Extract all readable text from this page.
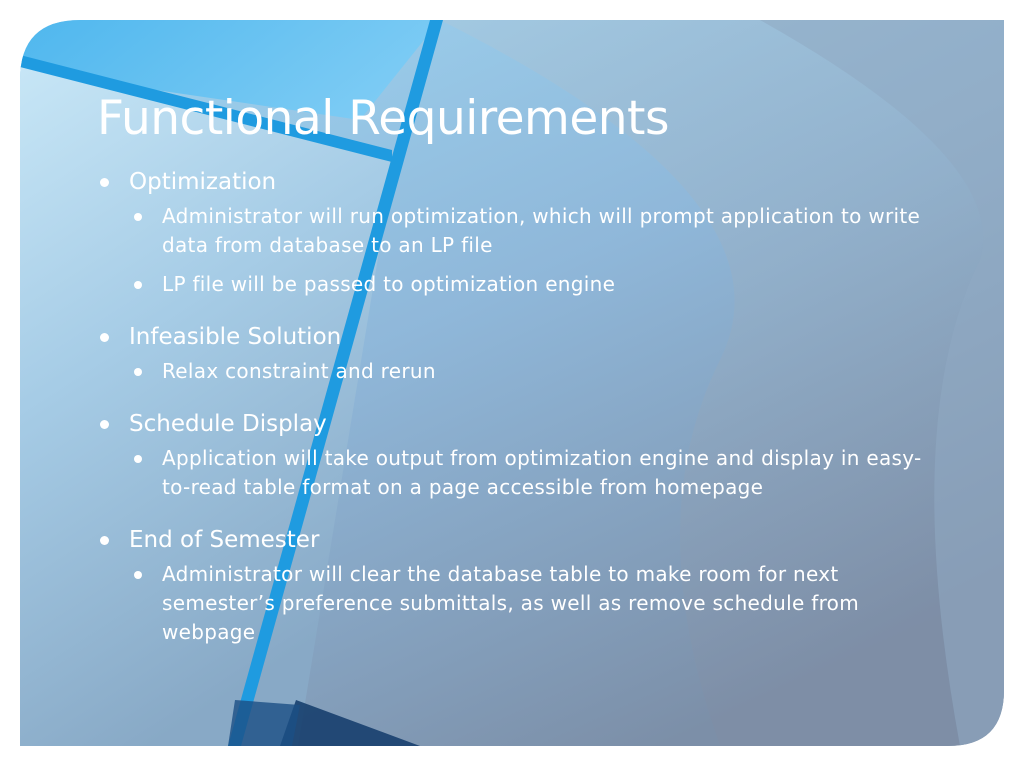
Functional Requirements
Optimization
Administrator will run optimization, which will prompt application to write data from database to an LP file
LP file will be passed to optimization engine
Infeasible Solution
Relax constraint and rerun
Schedule Display
Application will take output from optimization engine and display in easy-to-read table format on a page accessible from homepage
End of Semester
Administrator will clear the database table to make room for next semester’s preference submittals, as well as remove schedule from webpage
